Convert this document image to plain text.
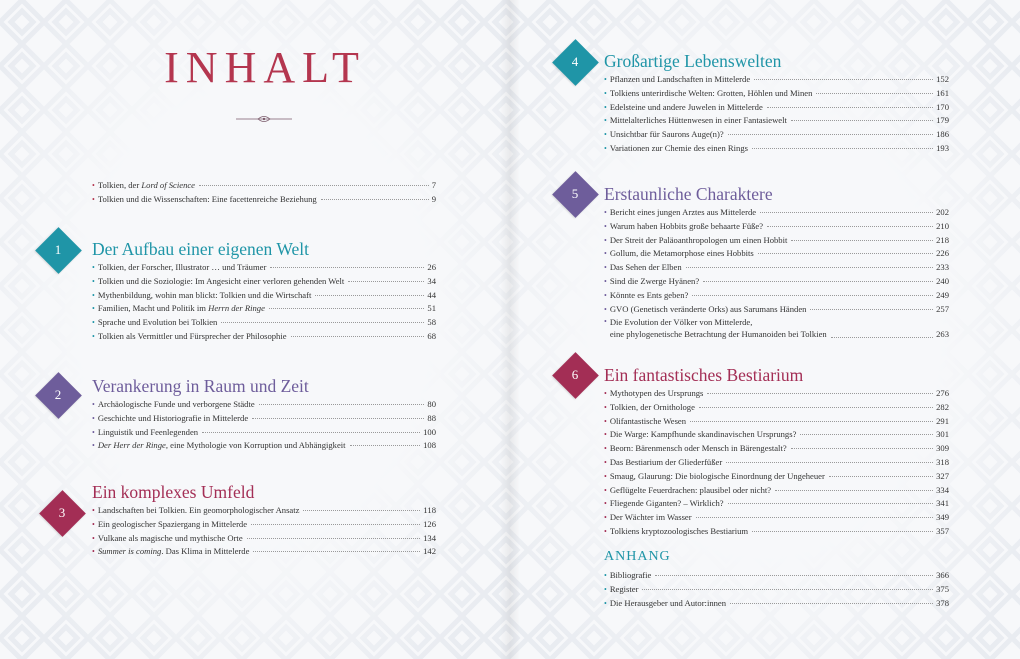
INHALT
• Tolkien, der Lord of Science	7
• Tolkien und die Wissenschaften: Eine facettenreiche Beziehung	9
1	Der Aufbau einer eigenen Welt
• Tolkien, der Forscher, Illustrator … und Träumer	26
• Tolkien und die Soziologie: Im Angesicht einer verloren gehenden Welt	34
• Mythenbildung, wohin man blickt: Tolkien und die Wirtschaft	44
• Familien, Macht und Politik im Herrn der Ringe	51
• Sprache und Evolution bei Tolkien	58
• Tolkien als Vermittler und Fürsprecher der Philosophie	68
2	Verankerung in Raum und Zeit
• Archäologische Funde und verborgene Städte	80
• Geschichte und Historiografie in Mittelerde	88
• Linguistik und Feenlegenden	100
• Der Herr der Ringe, eine Mythologie von Korruption und Abhängigkeit	108
3
Ein komplexes Umfeld
• Landschaften bei Tolkien. Ein geomorphologischer Ansatz	118
• Ein geologischer Spaziergang in Mittelerde	126
• Vulkane als magische und mythische Orte	134
• Summer is coming. Das Klima in Mittelerde	142
4	Großartige Lebenswelten
• Pflanzen und Landschaften in Mittelerde	152
• Tolkiens unterirdische Welten: Grotten, Höhlen und Minen	161
• Edelsteine und andere Juwelen in Mittelerde	170
• Mittelalterliches Hüttenwesen in einer Fantasiewelt	179
• Unsichtbar für Saurons Auge(n)?	186
• Variationen zur Chemie des einen Rings	193
5	Erstaunliche Charaktere
• Bericht eines jungen Arztes aus Mittelerde	202
• Warum haben Hobbits große behaarte Füße?	210
• Der Streit der Paläoanthropologen um einen Hobbit	218
• Gollum, die Metamorphose eines Hobbits	226
• Das Sehen der Elben	233
• Sind die Zwerge Hyänen?	240
• Könnte es Ents geben?	249
• GVO (Genetisch veränderte Orks) aus Sarumans Händen	257
• Die Evolution der Völker von Mittelerde,
eine phylogenetische Betrachtung der Humanoiden bei Tolkien	263
6	Ein fantastisches Bestiarium
• Mythotypen des Ursprungs	276
• Tolkien, der Ornithologe	282
• Olifantastische Wesen	291
• Die Warge: Kampfhunde skandinavischen Ursprungs?	301
• Beorn: Bärenmensch oder Mensch in Bärengestalt?	309
• Das Bestiarium der Gliederfüßer	318
• Smaug, Glaurung: Die biologische Einordnung der Ungeheuer	327
• Geflügelte Feuerdrachen: plausibel oder nicht?	334
• Fliegende Giganten? – Wirklich?	341
• Der Wächter im Wasser	349
• Tolkiens kryptozoologisches Bestiarium	357
ANHANG
• Bibliografie	366
• Register	375
• Die Herausgeber und Autor:innen	378
